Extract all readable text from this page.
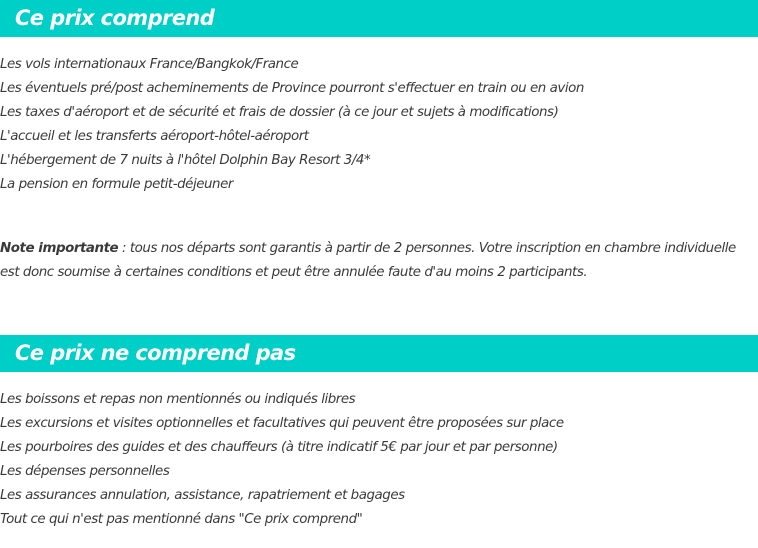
Ce prix comprend
Les vols internationaux France/Bangkok/France
Les éventuels pré/post acheminements de Province pourront s'effectuer en train ou en avion
Les taxes d'aéroport et de sécurité et frais de dossier (à ce jour et sujets à modifications)
L'accueil et les transferts aéroport-hôtel-aéroport
L'hébergement de 7 nuits à l'hôtel Dolphin Bay Resort 3/4*
La pension en formule petit-déjeuner

Note importante : tous nos départs sont garantis à partir de 2 personnes. Votre inscription en chambre individuelle est donc soumise à certaines conditions et peut être annulée faute d'au moins 2 participants.

Ce prix ne comprend pas
Les boissons et repas non mentionnés ou indiqués libres
Les excursions et visites optionnelles et facultatives qui peuvent être proposées sur place
Les pourboires des guides et des chauffeurs (à titre indicatif 5€ par jour et par personne)
Les dépenses personnelles
Les assurances annulation, assistance, rapatriement et bagages
Tout ce qui n'est pas mentionné dans "Ce prix comprend"
